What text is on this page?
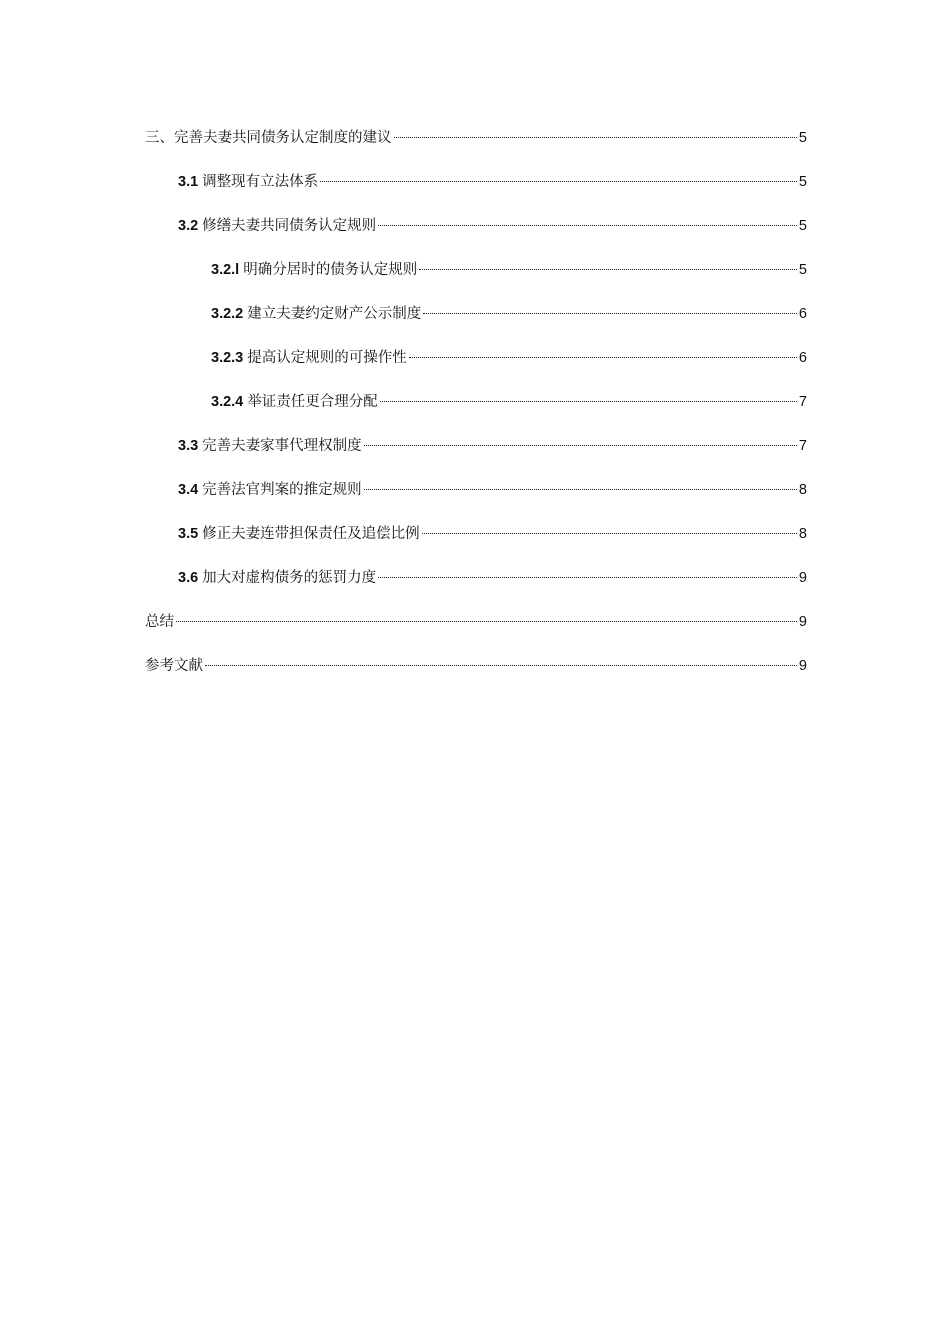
三、完善夫妻共同债务认定制度的建议	5
3.1 调整现有立法体系	5
3.2 修缮夫妻共同债务认定规则	5
3.2.l 明确分居时的债务认定规则	5
3.2.2 建立夫妻约定财产公示制度	6
3.2.3 提高认定规则的可操作性	6
3.2.4 举证责任更合理分配	7
3.3 完善夫妻家事代理权制度	7
3.4 完善法官判案的推定规则	8
3.5 修正夫妻连带担保责任及追偿比例	8
3.6 加大对虚构债务的惩罚力度	9
总结	9
参考文献	9
